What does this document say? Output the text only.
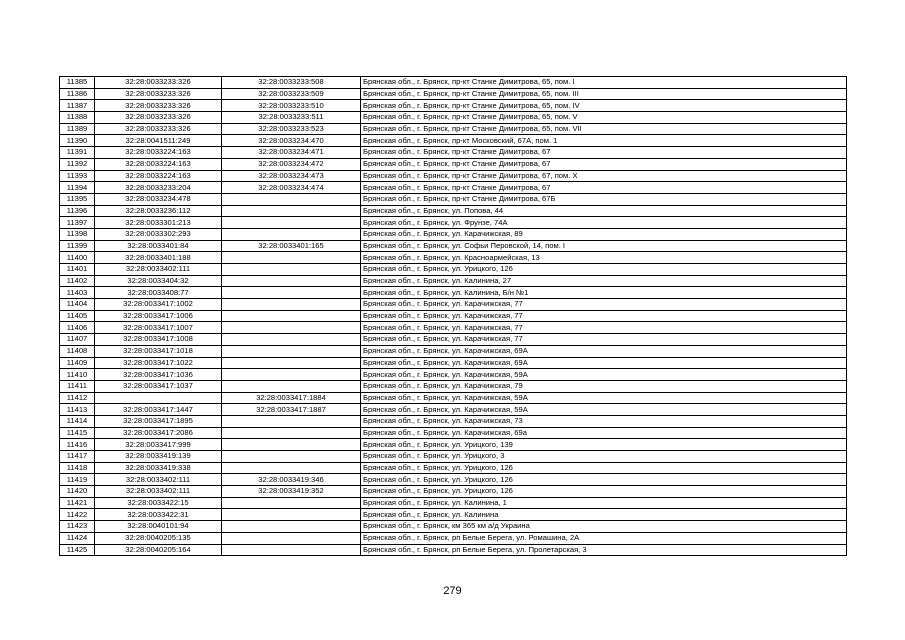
11385	32:28:0033233:326	32:28:0033233:508	Брянская обл., г. Брянск, пр-кт Станке Димитрова, 65, пом. I
11386	32:28:0033233:326	32:28:0033233:509	Брянская обл., г. Брянск, пр-кт Станке Димитрова, 65, пом. III
11387	32:28:0033233:326	32:28:0033233:510	Брянская обл., г. Брянск, пр-кт Станке Димитрова, 65, пом. IV
11388	32:28:0033233:326	32:28:0033233:511	Брянская обл., г. Брянск, пр-кт Станке Димитрова, 65, пом. V
11389	32:28:0033233:326	32:28:0033233:523	Брянская обл., г. Брянск, пр-кт Станке Димитрова, 65, пом. VII
11390	32:28:0041511:249	32:28:0033234:470	Брянская обл., г. Брянск, пр-кт Московский, 67А, пом. 1
11391	32:28:0033224:163	32:28:0033234:471	Брянская обл., г. Брянск, пр-кт Станке Димитрова, 67
11392	32:28:0033224:163	32:28:0033234:472	Брянская обл., г. Брянск, пр-кт Станке Димитрова, 67
11393	32:28:0033224:163	32:28:0033234:473	Брянская обл., г. Брянск, пр-кт Станке Димитрова, 67, пом. X
11394	32:28:0033233:204	32:28:0033234:474	Брянская обл., г. Брянск, пр-кт Станке Димитрова, 67
11395	32:28:0033234:478		Брянская обл., г. Брянск, пр-кт Станке Димитрова, 67Б
11396	32:28:0033236:112		Брянская обл., г. Брянск, ул. Попова, 44
11397	32:28:0033301:213		Брянская обл., г. Брянск, ул. Фрунзе, 74А
11398	32:28:0033302:293		Брянская обл., г. Брянск, ул. Карачижская, 89
11399	32:28:0033401:84	32:28:0033401:165	Брянская обл., г. Брянск, ул. Софьи Перовской, 14, пом. I
11400	32:28:0033401:188		Брянская обл., г. Брянск, ул. Красноармейская, 13
11401	32:28:0033402:111		Брянская обл., г. Брянск, ул. Урицкого, 126
11402	32:28:0033404:32		Брянская обл., г. Брянск, ул. Калинина, 27
11403	32:28:0033408:77		Брянская обл., г. Брянск, ул. Калинина, Б/н №1
11404	32:28:0033417:1002		Брянская обл., г. Брянск, ул. Карачижская, 77
11405	32:28:0033417:1006		Брянская обл., г. Брянск, ул. Карачижская, 77
11406	32:28:0033417:1007		Брянская обл., г. Брянск, ул. Карачижская, 77
11407	32:28:0033417:1008		Брянская обл., г. Брянск, ул. Карачижская, 77
11408	32:28:0033417:1018		Брянская обл., г. Брянск, ул. Карачижская, 69А
11409	32:28:0033417:1022		Брянская обл., г. Брянск, ул. Карачижская, 69А
11410	32:28:0033417:1036		Брянская обл., г. Брянск, ул. Карачижская, 59А
11411	32:28:0033417:1037		Брянская обл., г. Брянск, ул. Карачижская, 79
11412		32:28:0033417:1884	Брянская обл., г. Брянск, ул. Карачижская, 59А
11413	32:28:0033417:1447	32:28:0033417:1887	Брянская обл., г. Брянск, ул. Карачижская, 59А
11414	32:28:0033417:1895		Брянская обл., г. Брянск, ул. Карачижская, 73
11415	32:28:0033417:2086		Брянская обл., г. Брянск, ул. Карачижская, 69а
11416	32:28:0033417:999		Брянская обл., г. Брянск, ул. Урицкого, 139
11417	32:28:0033419:139		Брянская обл., г. Брянск, ул. Урицкого, 3
11418	32:28:0033419:338		Брянская обл., г. Брянск, ул. Урицкого, 126
11419	32:28:0033402:111	32:28:0033419:346	Брянская обл., г. Брянск, ул. Урицкого, 126
11420	32:28:0033402:111	32:28:0033419:352	Брянская обл., г. Брянск, ул. Урицкого, 126
11421	32:28:0033422:15		Брянская обл., г. Брянск, ул. Калинина, 1
11422	32:28:0033422:31		Брянская обл., г. Брянск, ул. Калинина
11423	32:28:0040101:94		Брянская обл., г. Брянск, км 365 км а/д Украина
11424	32:28:0040205:135		Брянская обл., г. Брянск, рп Белые Берега, ул. Ромашина, 2А
11425	32:28:0040205:164		Брянская обл., г. Брянск, рп Белые Берега, ул. Пролетарская, 3
279
